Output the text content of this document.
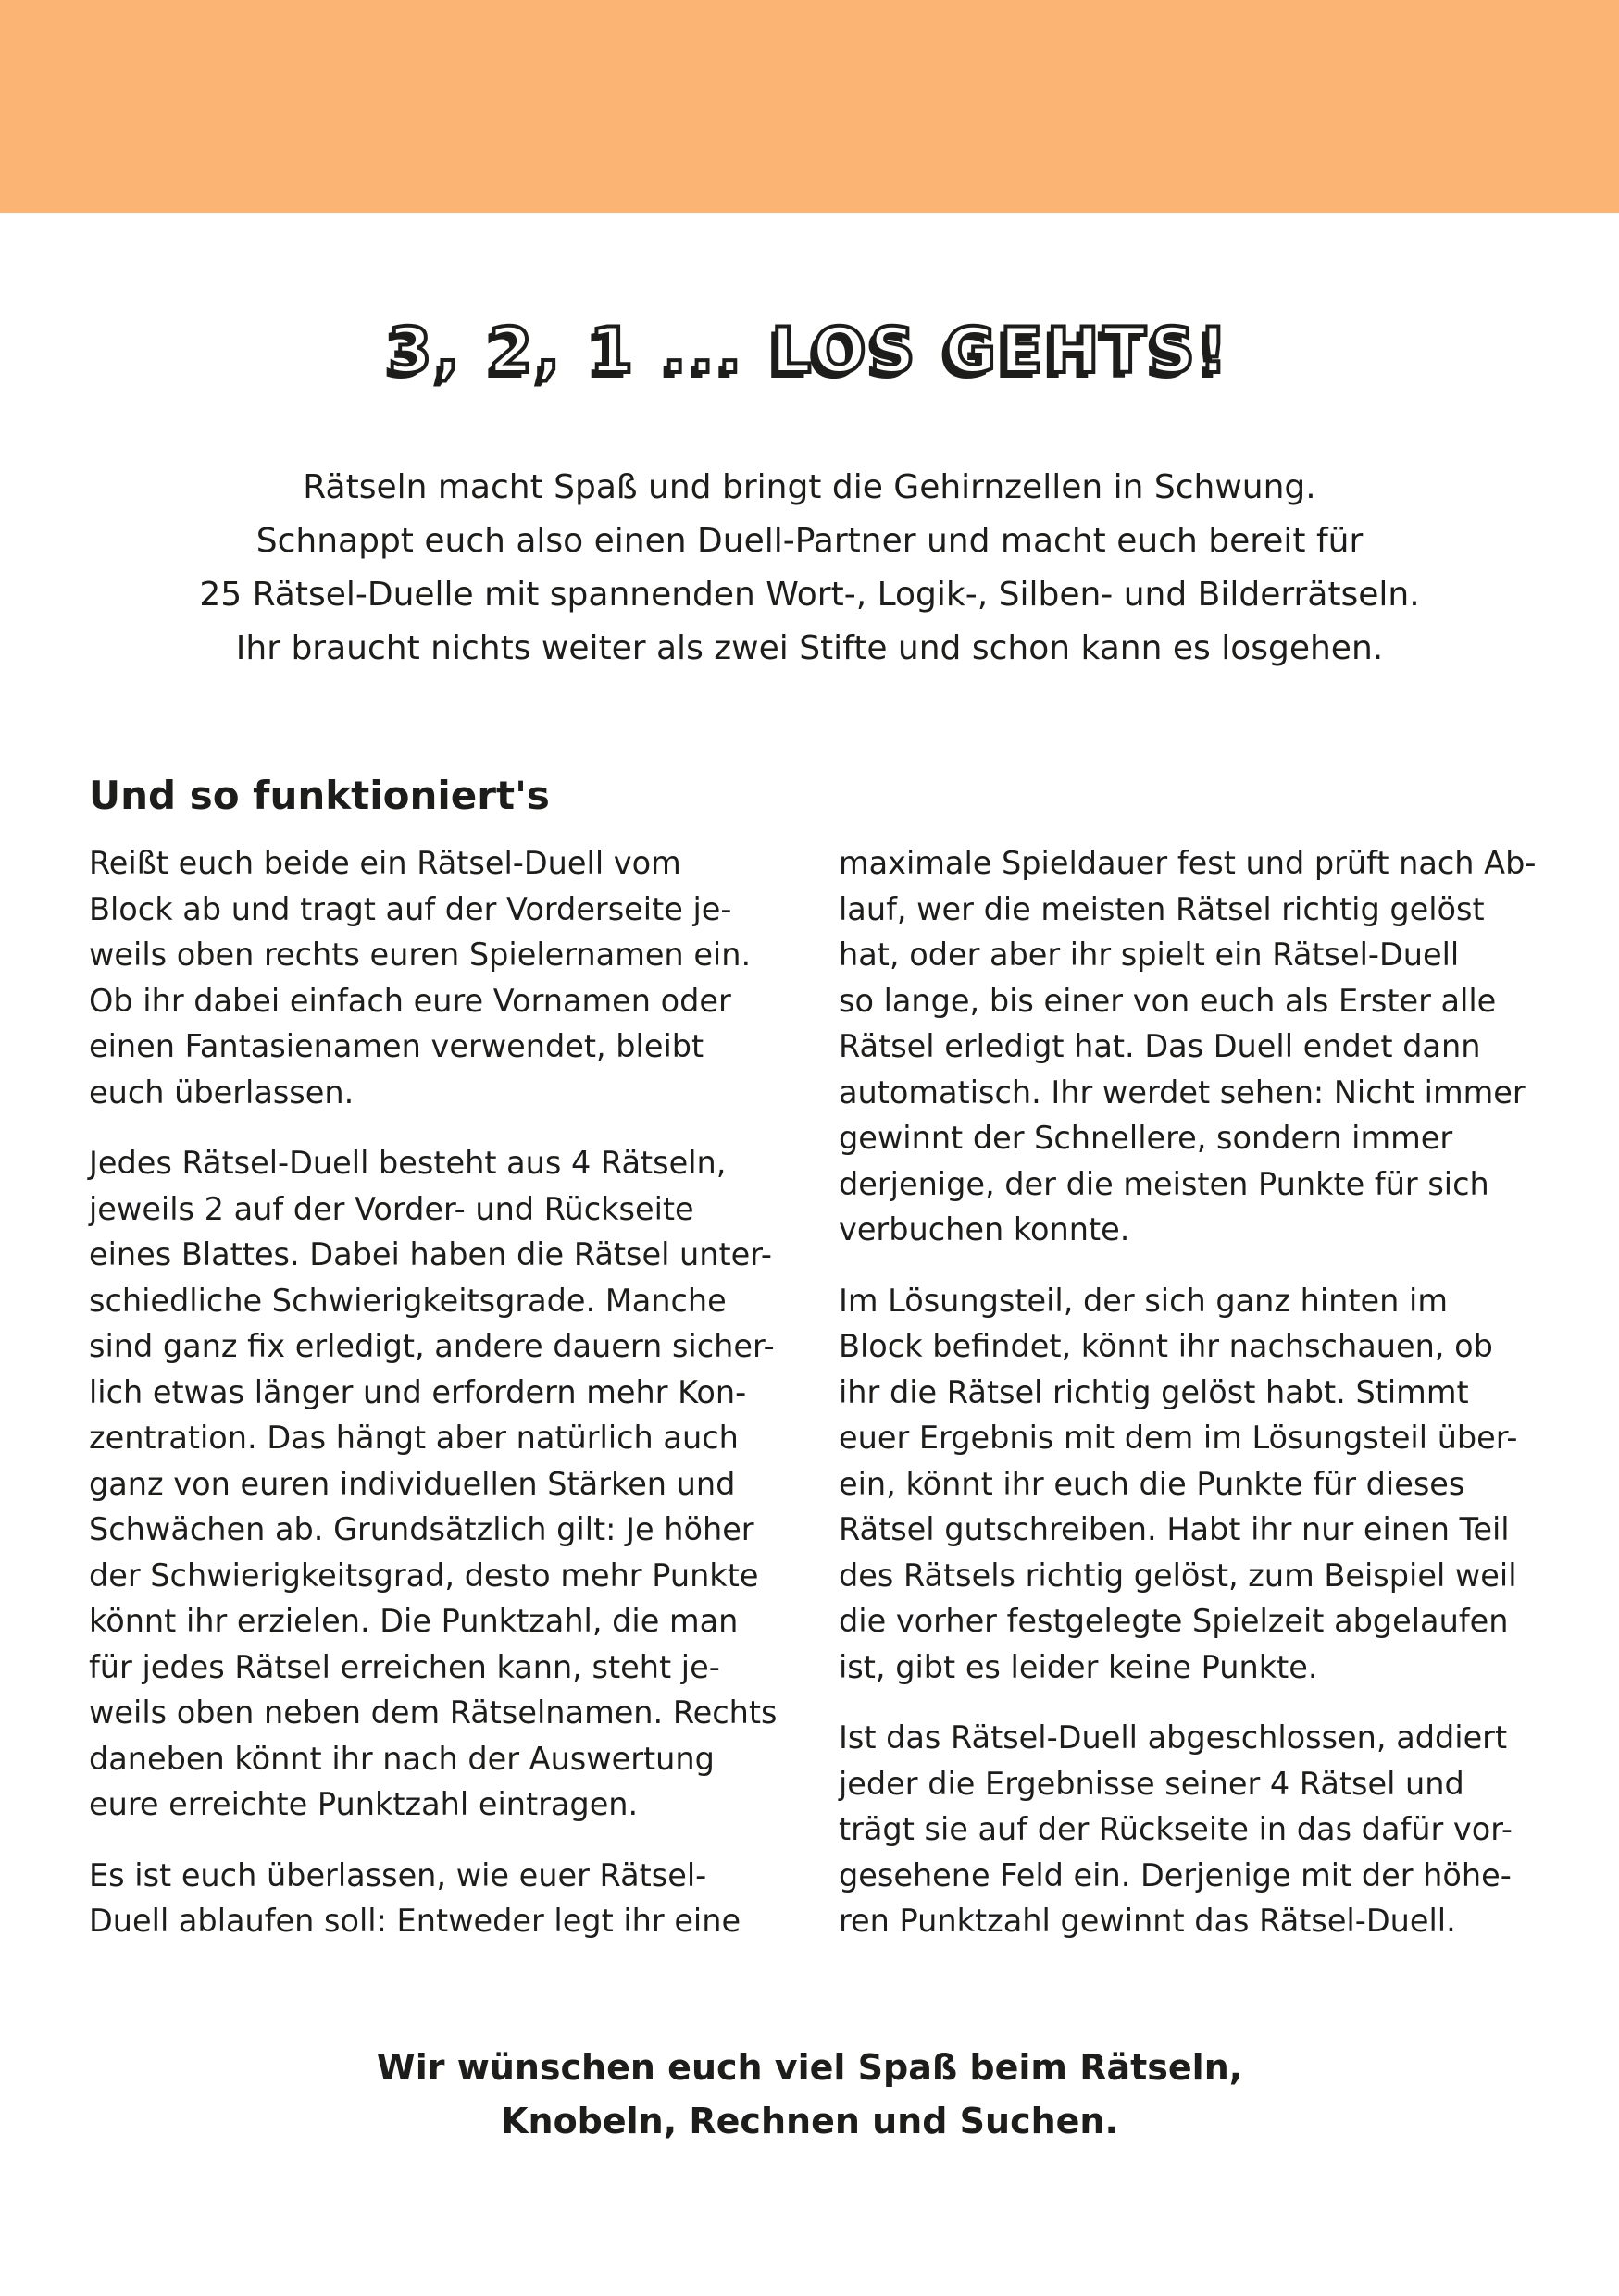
3, 2, 1 ... LOS GEHTS!
Rätseln macht Spaß und bringt die Gehirnzellen in Schwung.
Schnappt euch also einen Duell-Partner und macht euch bereit für
25 Rätsel-Duelle mit spannenden Wort-, Logik-, Silben- und Bilderrätseln.
Ihr braucht nichts weiter als zwei Stifte und schon kann es losgehen.
Und so funktioniert's
Reißt euch beide ein Rätsel-Duell vom
Block ab und tragt auf der Vorderseite je-
weils oben rechts euren Spielernamen ein.
Ob ihr dabei einfach eure Vornamen oder
einen Fantasienamen verwendet, bleibt
euch überlassen.
Jedes Rätsel-Duell besteht aus 4 Rätseln,
jeweils 2 auf der Vorder- und Rückseite
eines Blattes. Dabei haben die Rätsel unter-
schiedliche Schwierigkeitsgrade. Manche
sind ganz fix erledigt, andere dauern sicher-
lich etwas länger und erfordern mehr Kon-
zentration. Das hängt aber natürlich auch
ganz von euren individuellen Stärken und
Schwächen ab. Grundsätzlich gilt: Je höher
der Schwierigkeitsgrad, desto mehr Punkte
könnt ihr erzielen. Die Punktzahl, die man
für jedes Rätsel erreichen kann, steht je-
weils oben neben dem Rätselnamen. Rechts
daneben könnt ihr nach der Auswertung
eure erreichte Punktzahl eintragen.
Es ist euch überlassen, wie euer Rätsel-
Duell ablaufen soll: Entweder legt ihr eine
maximale Spieldauer fest und prüft nach Ab-
lauf, wer die meisten Rätsel richtig gelöst
hat, oder aber ihr spielt ein Rätsel-Duell
so lange, bis einer von euch als Erster alle
Rätsel erledigt hat. Das Duell endet dann
automatisch. Ihr werdet sehen: Nicht immer
gewinnt der Schnellere, sondern immer
derjenige, der die meisten Punkte für sich
verbuchen konnte.
Im Lösungsteil, der sich ganz hinten im
Block befindet, könnt ihr nachschauen, ob
ihr die Rätsel richtig gelöst habt. Stimmt
euer Ergebnis mit dem im Lösungsteil über-
ein, könnt ihr euch die Punkte für dieses
Rätsel gutschreiben. Habt ihr nur einen Teil
des Rätsels richtig gelöst, zum Beispiel weil
die vorher festgelegte Spielzeit abgelaufen
ist, gibt es leider keine Punkte.
Ist das Rätsel-Duell abgeschlossen, addiert
jeder die Ergebnisse seiner 4 Rätsel und
trägt sie auf der Rückseite in das dafür vor-
gesehene Feld ein. Derjenige mit der höhe-
ren Punktzahl gewinnt das Rätsel-Duell.
Wir wünschen euch viel Spaß beim Rätseln,
Knobeln, Rechnen und Suchen.
